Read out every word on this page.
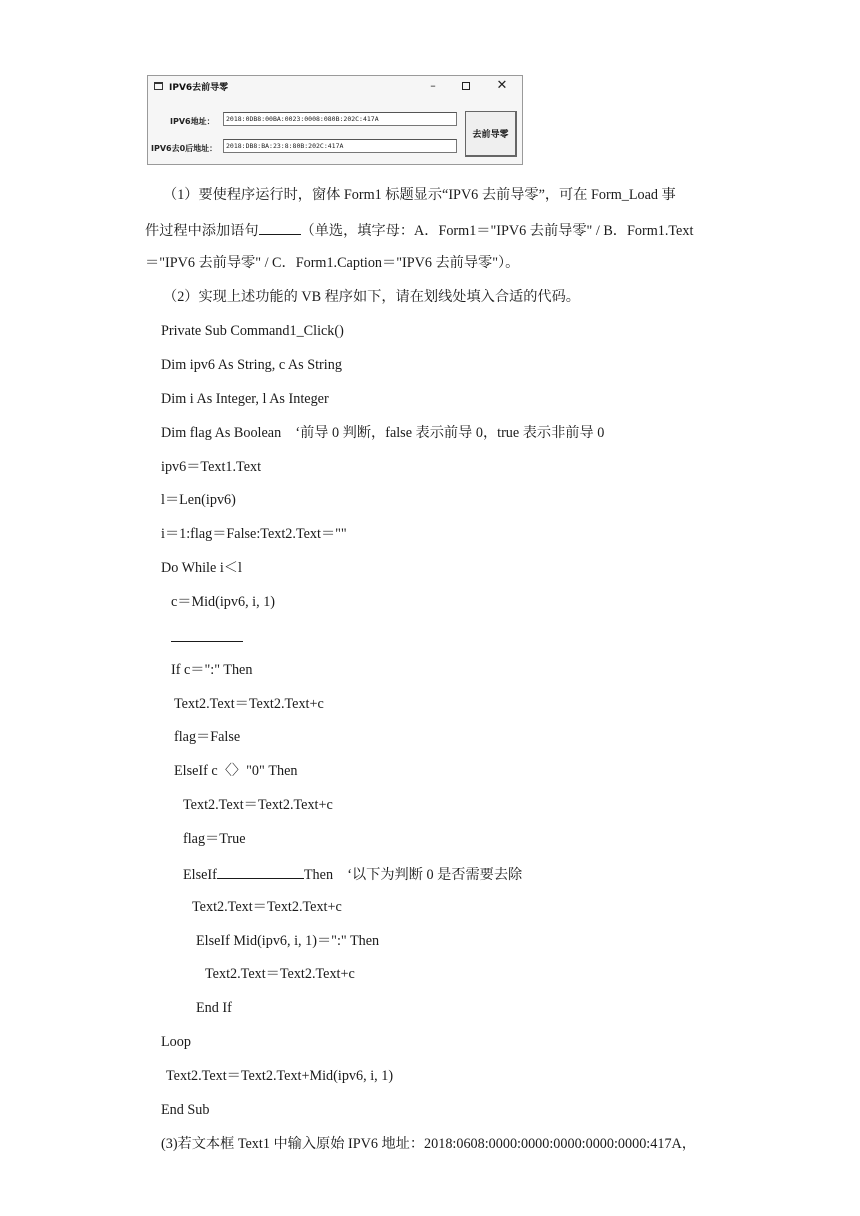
IPV6去前导零	–	✕
IPV6地址：	2018:0DB8:00BA:0023:0008:080B:202C:417A
IPV6去0后地址：	2018:DB8:BA:23:8:80B:202C:417A
去前导零
（1）要使程序运行时，窗体 Form1 标题显示“IPV6 去前导零”，可在 Form_Load 事
件过程中添加语句	（单选，填字母：A．Form1＝"IPV6 去前导零" / B．Form1.Text
＝"IPV6 去前导零" / C．Form1.Caption＝"IPV6 去前导零"）。
（2）实现上述功能的 VB 程序如下，请在划线处填入合适的代码。
Private Sub Command1_Click()
Dim ipv6 As String, c As String
Dim i As Integer, l As Integer
Dim flag As Boolean　‘前导 0 判断，false 表示前导 0，true 表示非前导 0
ipv6＝Text1.Text
l＝Len(ipv6)
i＝1:flag＝False:Text2.Text＝""
Do While i＜l
c＝Mid(ipv6, i, 1)
If c＝":" Then
Text2.Text＝Text2.Text+c
flag＝False
ElseIf c〈〉"0" Then
Text2.Text＝Text2.Text+c
flag＝True
ElseIf	Then　‘以下为判断 0 是否需要去除
Text2.Text＝Text2.Text+c
ElseIf Mid(ipv6, i, 1)＝":" Then
Text2.Text＝Text2.Text+c
End If
Loop
Text2.Text＝Text2.Text+Mid(ipv6, i, 1)
End Sub
(3)若文本框 Text1 中输入原始 IPV6 地址：2018:0608:0000:0000:0000:0000:0000:417A，
